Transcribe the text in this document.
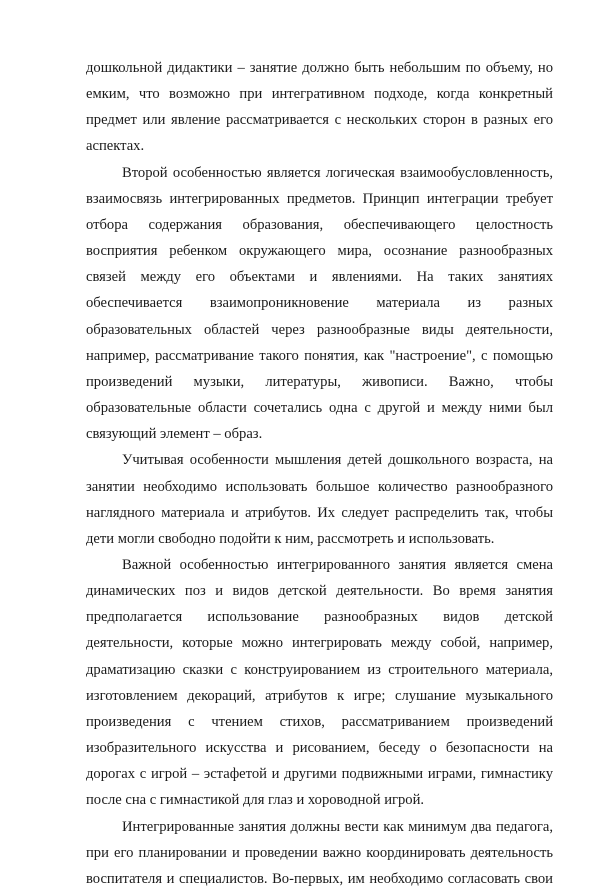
дошкольной дидактики – занятие должно быть небольшим по объему, но емким, что возможно при интегративном подходе, когда конкретный предмет или явление рассматривается с нескольких сторон в разных его аспектах.

Второй особенностью является логическая взаимообусловленность, взаимосвязь интегрированных предметов. Принцип интеграции требует отбора содержания образования, обеспечивающего целостность восприятия ребенком окружающего мира, осознание разнообразных связей между его объектами и явлениями. На таких занятиях обеспечивается взаимопроникновение материала из разных образовательных областей через разнообразные виды деятельности, например, рассматривание такого понятия, как "настроение", с помощью произведений музыки, литературы, живописи. Важно, чтобы образовательные области сочетались одна с другой и между ними был связующий элемент – образ.

Учитывая особенности мышления детей дошкольного возраста, на занятии необходимо использовать большое количество разнообразного наглядного материала и атрибутов. Их следует распределить так, чтобы дети могли свободно подойти к ним, рассмотреть и использовать.

Важной особенностью интегрированного занятия является смена динамических поз и видов детской деятельности. Во время занятия предполагается использование разнообразных видов детской деятельности, которые можно интегрировать между собой, например, драматизацию сказки с конструированием из строительного материала, изготовлением декораций, атрибутов к игре; слушание музыкального произведения с чтением стихов, рассматриванием произведений изобразительного искусства и рисованием, беседу о безопасности на дорогах с игрой – эстафетой и другими подвижными играми, гимнастику после сна с гимнастикой для глаз и хороводной игрой.

Интегрированные занятия должны вести как минимум два педагога, при его планировании и проведении важно координировать деятельность воспитателя и специалистов. Во-первых, им необходимо согласовать свои
